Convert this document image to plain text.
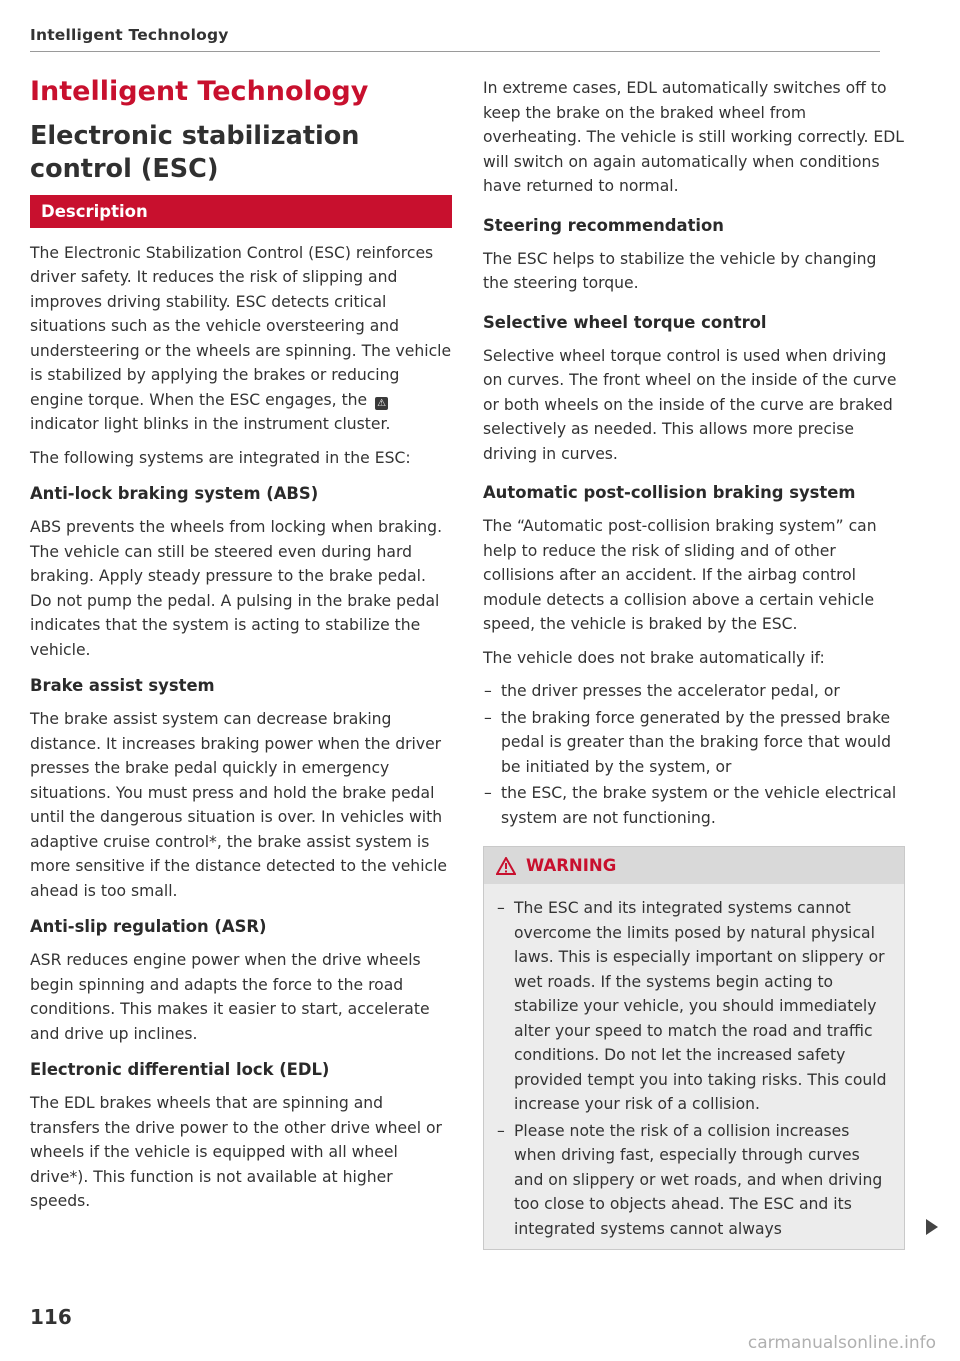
Intelligent Technology
Intelligent Technology
Electronic stabilization control (ESC)
Description

The Electronic Stabilization Control (ESC) reinforces driver safety. It reduces the risk of slipping and improves driving stability. ESC detects critical situations such as the vehicle oversteering and understeering or the wheels are spinning. The vehicle is stabilized by applying the brakes or reducing engine torque. When the ESC engages, the ⚠ indicator light blinks in the instrument cluster.

The following systems are integrated in the ESC:

Anti-lock braking system (ABS)

ABS prevents the wheels from locking when braking. The vehicle can still be steered even during hard braking. Apply steady pressure to the brake pedal. Do not pump the pedal. A pulsing in the brake pedal indicates that the system is acting to stabilize the vehicle.

Brake assist system

The brake assist system can decrease braking distance. It increases braking power when the driver presses the brake pedal quickly in emergency situations. You must press and hold the brake pedal until the dangerous situation is over. In vehicles with adaptive cruise control*, the brake assist system is more sensitive if the distance detected to the vehicle ahead is too small.

Anti-slip regulation (ASR)

ASR reduces engine power when the drive wheels begin spinning and adapts the force to the road conditions. This makes it easier to start, accelerate and drive up inclines.

Electronic differential lock (EDL)

The EDL brakes wheels that are spinning and transfers the drive power to the other drive wheel or wheels if the vehicle is equipped with all wheel drive*). This function is not available at higher speeds.

In extreme cases, EDL automatically switches off to keep the brake on the braked wheel from overheating. The vehicle is still working correctly. EDL will switch on again automatically when conditions have returned to normal.

Steering recommendation

The ESC helps to stabilize the vehicle by changing the steering torque.

Selective wheel torque control

Selective wheel torque control is used when driving on curves. The front wheel on the inside of the curve or both wheels on the inside of the curve are braked selectively as needed. This allows more precise driving in curves.

Automatic post-collision braking system

The “Automatic post-collision braking system” can help to reduce the risk of sliding and of other collisions after an accident. If the airbag control module detects a collision above a certain vehicle speed, the vehicle is braked by the ESC.

The vehicle does not brake automatically if:

– the driver presses the accelerator pedal, or
– the braking force generated by the pressed brake pedal is greater than the braking force that would be initiated by the system, or
– the ESC, the brake system or the vehicle electrical system are not functioning.
WARNING
– The ESC and its integrated systems cannot overcome the limits posed by natural physical laws. This is especially important on slippery or wet roads. If the systems begin acting to stabilize your vehicle, you should immediately alter your speed to match the road and traffic conditions. Do not let the increased safety provided tempt you into taking risks. This could increase your risk of a collision.
– Please note the risk of a collision increases when driving fast, especially through curves and on slippery or wet roads, and when driving too close to objects ahead. The ESC and its integrated systems cannot always
116
carmanualsonline.info
